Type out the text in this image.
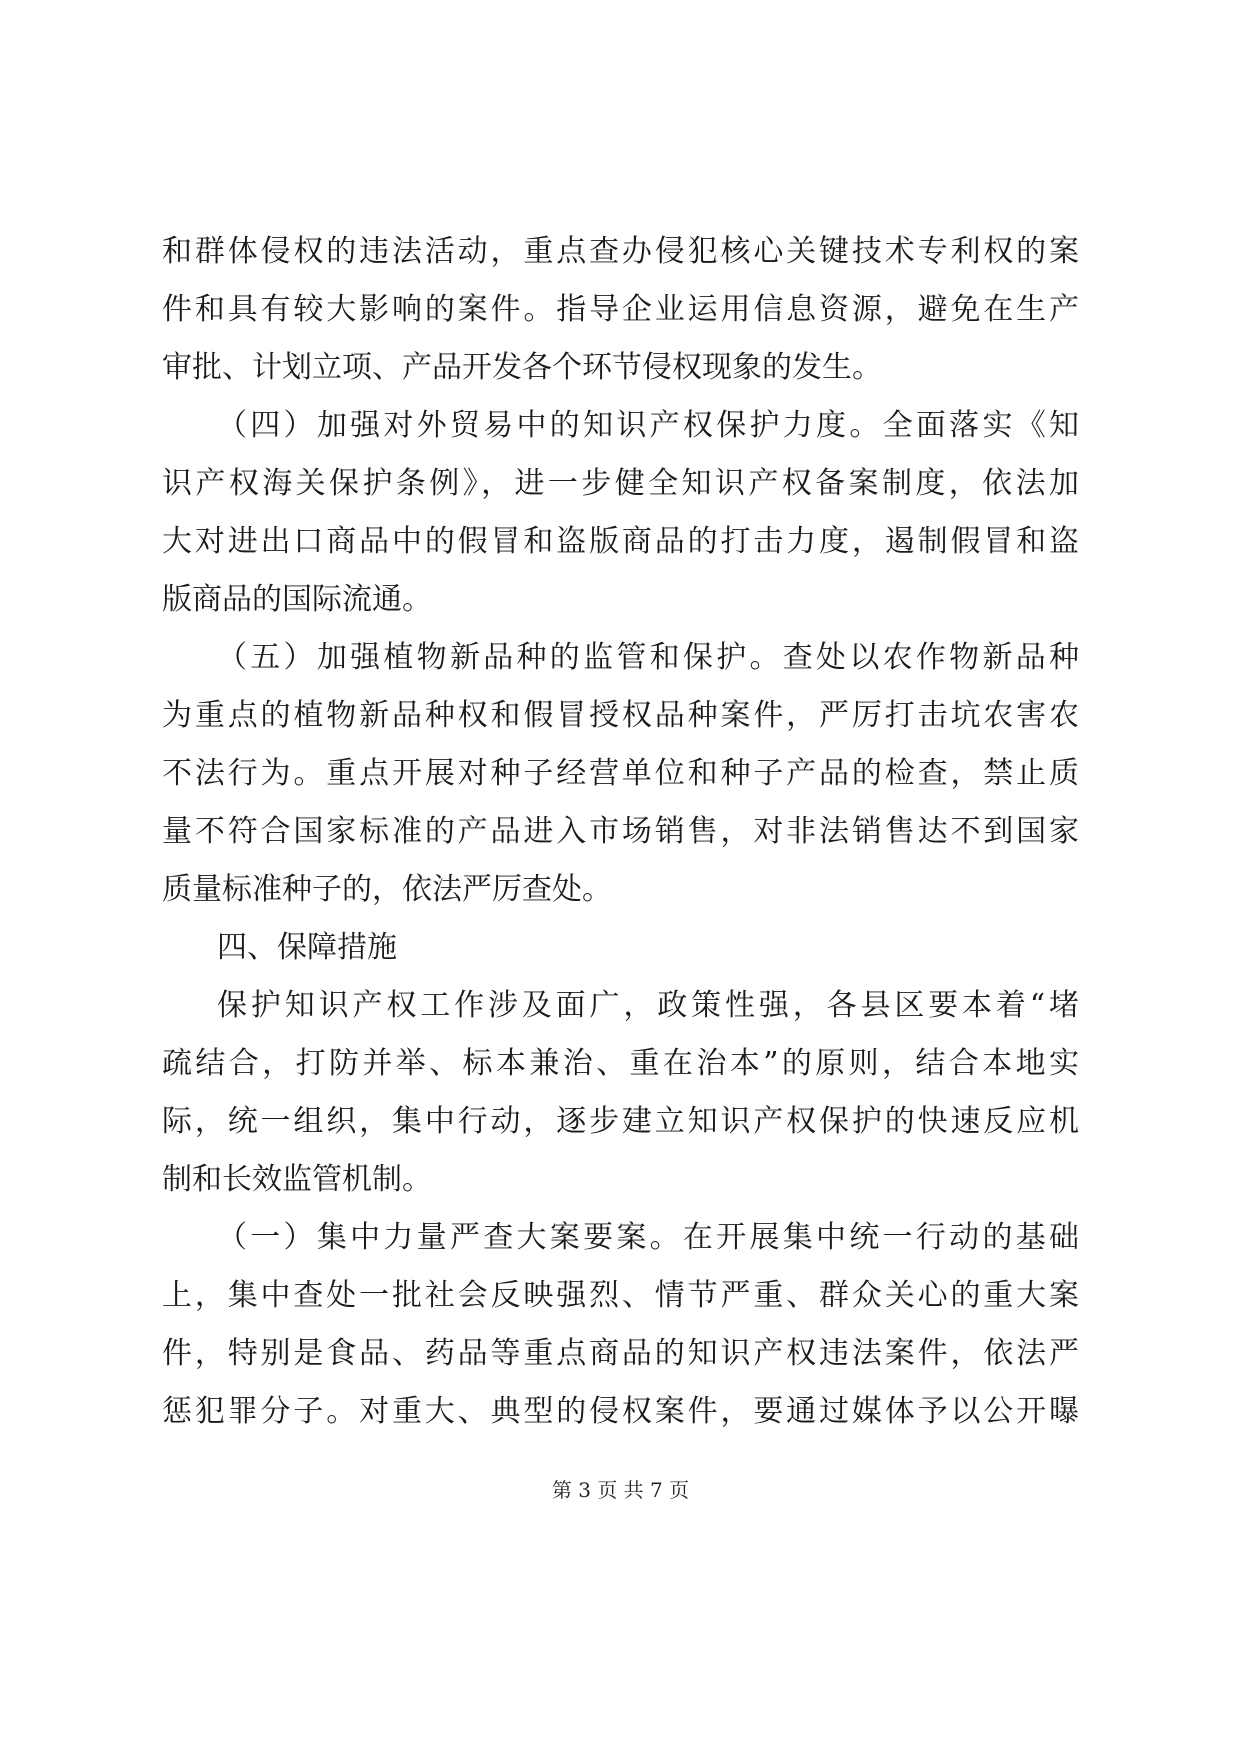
和群体侵权的违法活动，重点查办侵犯核心关键技术专利权的案

件和具有较大影响的案件。指导企业运用信息资源，避免在生产

审批、计划立项、产品开发各个环节侵权现象的发生。

（四）加强对外贸易中的知识产权保护力度。全面落实《知

识产权海关保护条例》，进一步健全知识产权备案制度，依法加

大对进出口商品中的假冒和盗版商品的打击力度，遏制假冒和盗

版商品的国际流通。

（五）加强植物新品种的监管和保护。查处以农作物新品种

为重点的植物新品种权和假冒授权品种案件，严厉打击坑农害农

不法行为。重点开展对种子经营单位和种子产品的检查，禁止质

量不符合国家标准的产品进入市场销售，对非法销售达不到国家

质量标准种子的，依法严厉查处。

四、保障措施

保护知识产权工作涉及面广，政策性强，各县区要本着“堵

疏结合，打防并举、标本兼治、重在治本”的原则，结合本地实

际，统一组织，集中行动，逐步建立知识产权保护的快速反应机

制和长效监管机制。

（一）集中力量严查大案要案。在开展集中统一行动的基础

上，集中查处一批社会反映强烈、情节严重、群众关心的重大案

件，特别是食品、药品等重点商品的知识产权违法案件，依法严

惩犯罪分子。对重大、典型的侵权案件，要通过媒体予以公开曝

第 3 页 共 7 页
